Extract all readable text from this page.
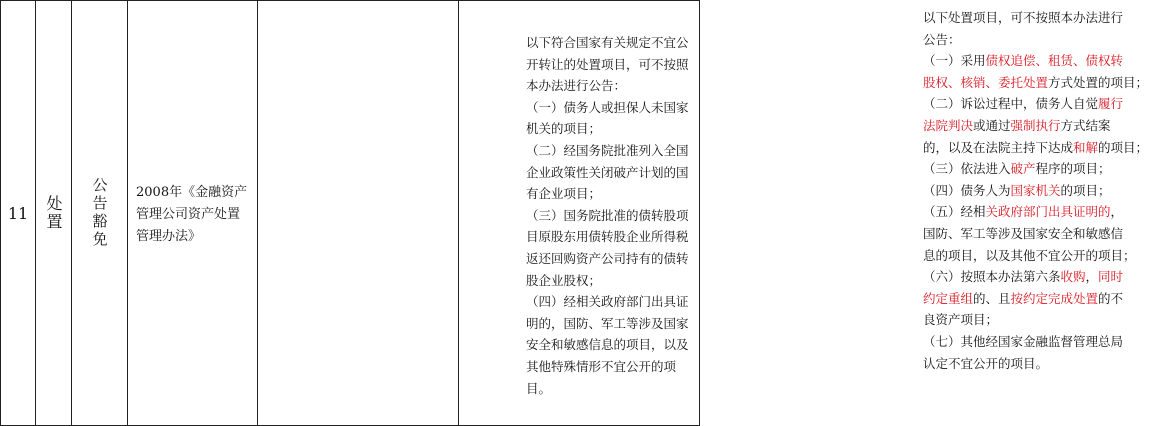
11 处置 公告豁免 2008年《金融资产
管理公司资产处置
管理办法》

以下符合国家有关规定不宜公

开转让的处置项目，可不按照

本办法进行公告：

（一）债务人或担保人未国家

机关的项目；

（二）经国务院批准列入全国

企业政策性关闭破产计划的国

有企业项目；

（三）国务院批准的债转股项

目原股东用债转股企业所得税

返还回购资产公司持有的债转

股企业股权；

（四）经相关政府部门出具证

明的，国防、军工等涉及国家

安全和敏感信息的项目，以及

其他特殊情形不宜公开的项

目。

以下处置项目，可不按照本办法进行

公告：

（一）采用债权追偿、租赁、债权转

股权、核销、委托处置方式处置的项目；

（二）诉讼过程中，债务人自觉履行

法院判决或通过强制执行方式结案

的，以及在法院主持下达成和解的项目；

（三）依法进入破产程序的项目；

（四）债务人为国家机关的项目；

（五）经相关政府部门出具证明的，

国防、军工等涉及国家安全和敏感信

息的项目，以及其他不宜公开的项目；

（六）按照本办法第六条收购，同时

约定重组的、且按约定完成处置的不

良资产项目；

（七）其他经国家金融监督管理总局

认定不宜公开的项目。
